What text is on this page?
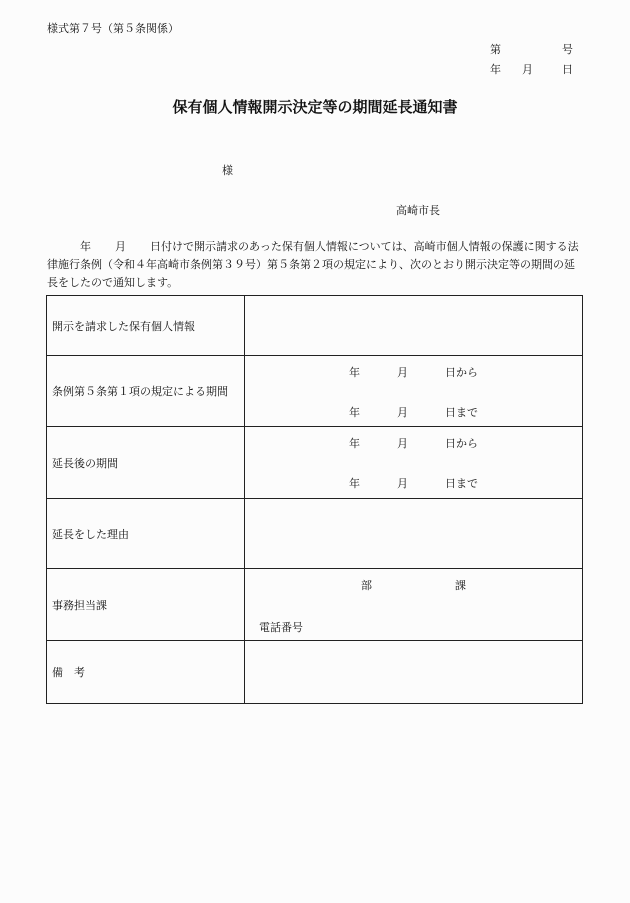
様式第７号（第５条関係）
第	号
年 月	日
保有個人情報開示決定等の期間延長通知書
様
高崎市長
年 月 日付けで開示請求のあった保有個人情報については、高崎市個人情報の保護に関する法律施行条例（令和４年高崎市条例第３９号）第５条第２項の規定により、次のとおり開示決定等の期間の延長をしたので通知します。
開示を請求した保有個人情報	
条例第５条第１項の規定による期間	年 月 日から
年 月 日まで

延長後の期間	年 月 日から
年 月 日まで

延長をした理由	
事務担当課	部 課
電話番号

備　考	
